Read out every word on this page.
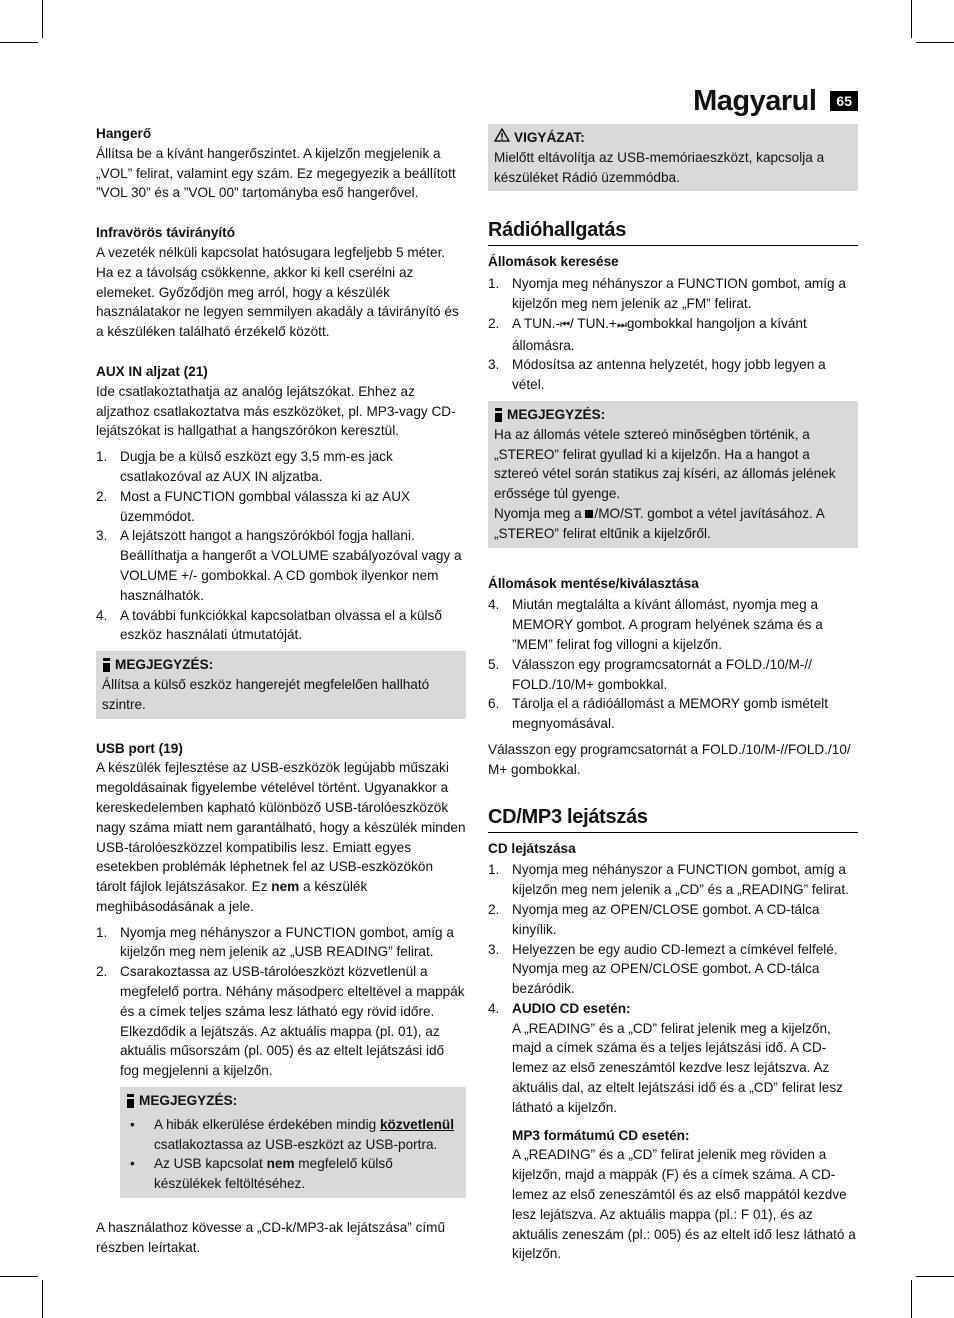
Magyarul	65
Hangerő

Állítsa be a kívánt hangerőszintet. A kijelzőn megjelenik a „VOL” felirat, valamint egy szám. Ez megegyezik a beállított ”VOL 30” és a ”VOL 00” tartományba eső hangerővel.

Infravörös távirányító

A vezeték nélküli kapcsolat hatósugara legfeljebb 5 méter. Ha ez a távolság csökkenne, akkor ki kell cserélni az elemeket. Győződjön meg arról, hogy a készülék használatakor ne legyen semmilyen akadály a távirányító és a készüléken található érzékelő között.

AUX IN aljzat (21)

Ide csatlakoztathatja az analóg lejátszókat. Ehhez az aljzathoz csatlakoztatva más eszközöket, pl. MP3-vagy CD-lejátszókat is hallgathat a hangszórókon keresztül.

1. Dugja be a külső eszközt egy 3,5 mm-es jack csatlakozóval az AUX IN aljzatba.
2. Most a FUNCTION gombbal válassza ki az AUX üzemmódot.
3. A lejátszott hangot a hangszórókból fogja hallani. Beállíthatja a hangerőt a VOLUME szabályozóval vagy a VOLUME +/- gombokkal. A CD gombok ilyenkor nem használhatók.
4. A további funkciókkal kapcsolatban olvassa el a külső eszköz használati útmutatóját.
MEGJEGYZÉS:

Állítsa a külső eszköz hangerejét megfelelően hallható szintre.

USB port (19)

A készülék fejlesztése az USB-eszközök legújabb műszaki megoldásainak figyelembe vételével történt. Ugyanakkor a kereskedelemben kapható különböző USB-tárolóeszközök nagy száma miatt nem garantálható, hogy a készülék minden USB-tárolóeszközzel kompatibilis lesz. Emiatt egyes esetekben problémák léphetnek fel az USB-eszközökön tárolt fájlok lejátszásakor. Ez nem a készülék meghibásodásának a jele.

1. Nyomja meg néhányszor a FUNCTION gombot, amíg a kijelzőn meg nem jelenik az „USB READING” felirat.
2. Csarakoztassa az USB-tárolóeszközt közvetlenül a megfelelő portra. Néhány másodperc elteltével a mappák és a címek teljes száma lesz látható egy rövid időre. Elkezdődik a lejátszás. Az aktuális mappa (pl. 01), az aktuális műsorszám (pl. 005) és az eltelt lejátszási idő fog megjelenni a kijelzőn.
MEGJEGYZÉS:
• A hibák elkerülése érdekében mindig közvetlenül csatlakoztassa az USB-eszközt az USB-portra.
• Az USB kapcsolat nem megfelelő külső készülékek feltöltéséhez.

A használathoz kövesse a „CD-k/MP3-ak lejátszása” című részben leírtakat.

VIGYÁZAT:

Mielőtt eltávolítja az USB-memóriaeszközt, kapcsolja a készüléket Rádió üzemmódba.

Rádióhallgatás
Állomások keresése
1. Nyomja meg néhányszor a FUNCTION gombot, amíg a kijelzőn meg nem jelenik az „FM” felirat.
2. A TUN.-⏮/ TUN.+⏭gombokkal hangoljon a kívánt állomásra.
3. Módosítsa az antenna helyzetét, hogy jobb legyen a vétel.
MEGJEGYZÉS:

Ha az állomás vétele sztereó minőségben történik, a „STEREO” felirat gyullad ki a kijelzőn. Ha a hangot a sztereó vétel során statikus zaj kíséri, az állomás jelének erőssége túl gyenge.

Nyomja meg a /MO/ST. gombot a vétel javításához. A „STEREO” felirat eltűnik a kijelzőről.

Állomások mentése/kiválasztása
4. Miután megtalálta a kívánt állomást, nyomja meg a MEMORY gombot. A program helyének száma és a ”MEM” felirat fog villogni a kijelzőn.
5. Válasszon egy programcsatornát a FOLD./10/M-// FOLD./10/M+ gombokkal.
6. Tárolja el a rádióállomást a MEMORY gomb ismételt megnyomásával.

Válasszon egy programcsatornát a FOLD./10/M-//FOLD./10/ M+ gombokkal.

CD/MP3 lejátszás
CD lejátszása
1. Nyomja meg néhányszor a FUNCTION gombot, amíg a kijelzőn meg nem jelenik a „CD” és a „READING” felirat.
2. Nyomja meg az OPEN/CLOSE gombot. A CD-tálca kinyílik.
3. Helyezzen be egy audio CD-lemezt a címkével felfelé. Nyomja meg az OPEN/CLOSE gombot. A CD-tálca bezáródik.
4. AUDIO CD esetén:
A „READING” és a „CD” felirat jelenik meg a kijelzőn, majd a címek száma és a teljes lejátszási idő. A CD-lemez az első zeneszámtól kezdve lesz lejátszva. Az aktuális dal, az eltelt lejátszási idő és a „CD” felirat lesz látható a kijelzőn.
MP3 formátumú CD esetén:

A „READING” és a „CD” felirat jelenik meg röviden a kijelzőn, majd a mappák (F) és a címek száma. A CD-lemez az első zeneszámtól és az első mappától kezdve lesz lejátszva. Az aktuális mappa (pl.: F 01), és az aktuális zeneszám (pl.: 005) és az eltelt idő lesz látható a kijelzőn.
